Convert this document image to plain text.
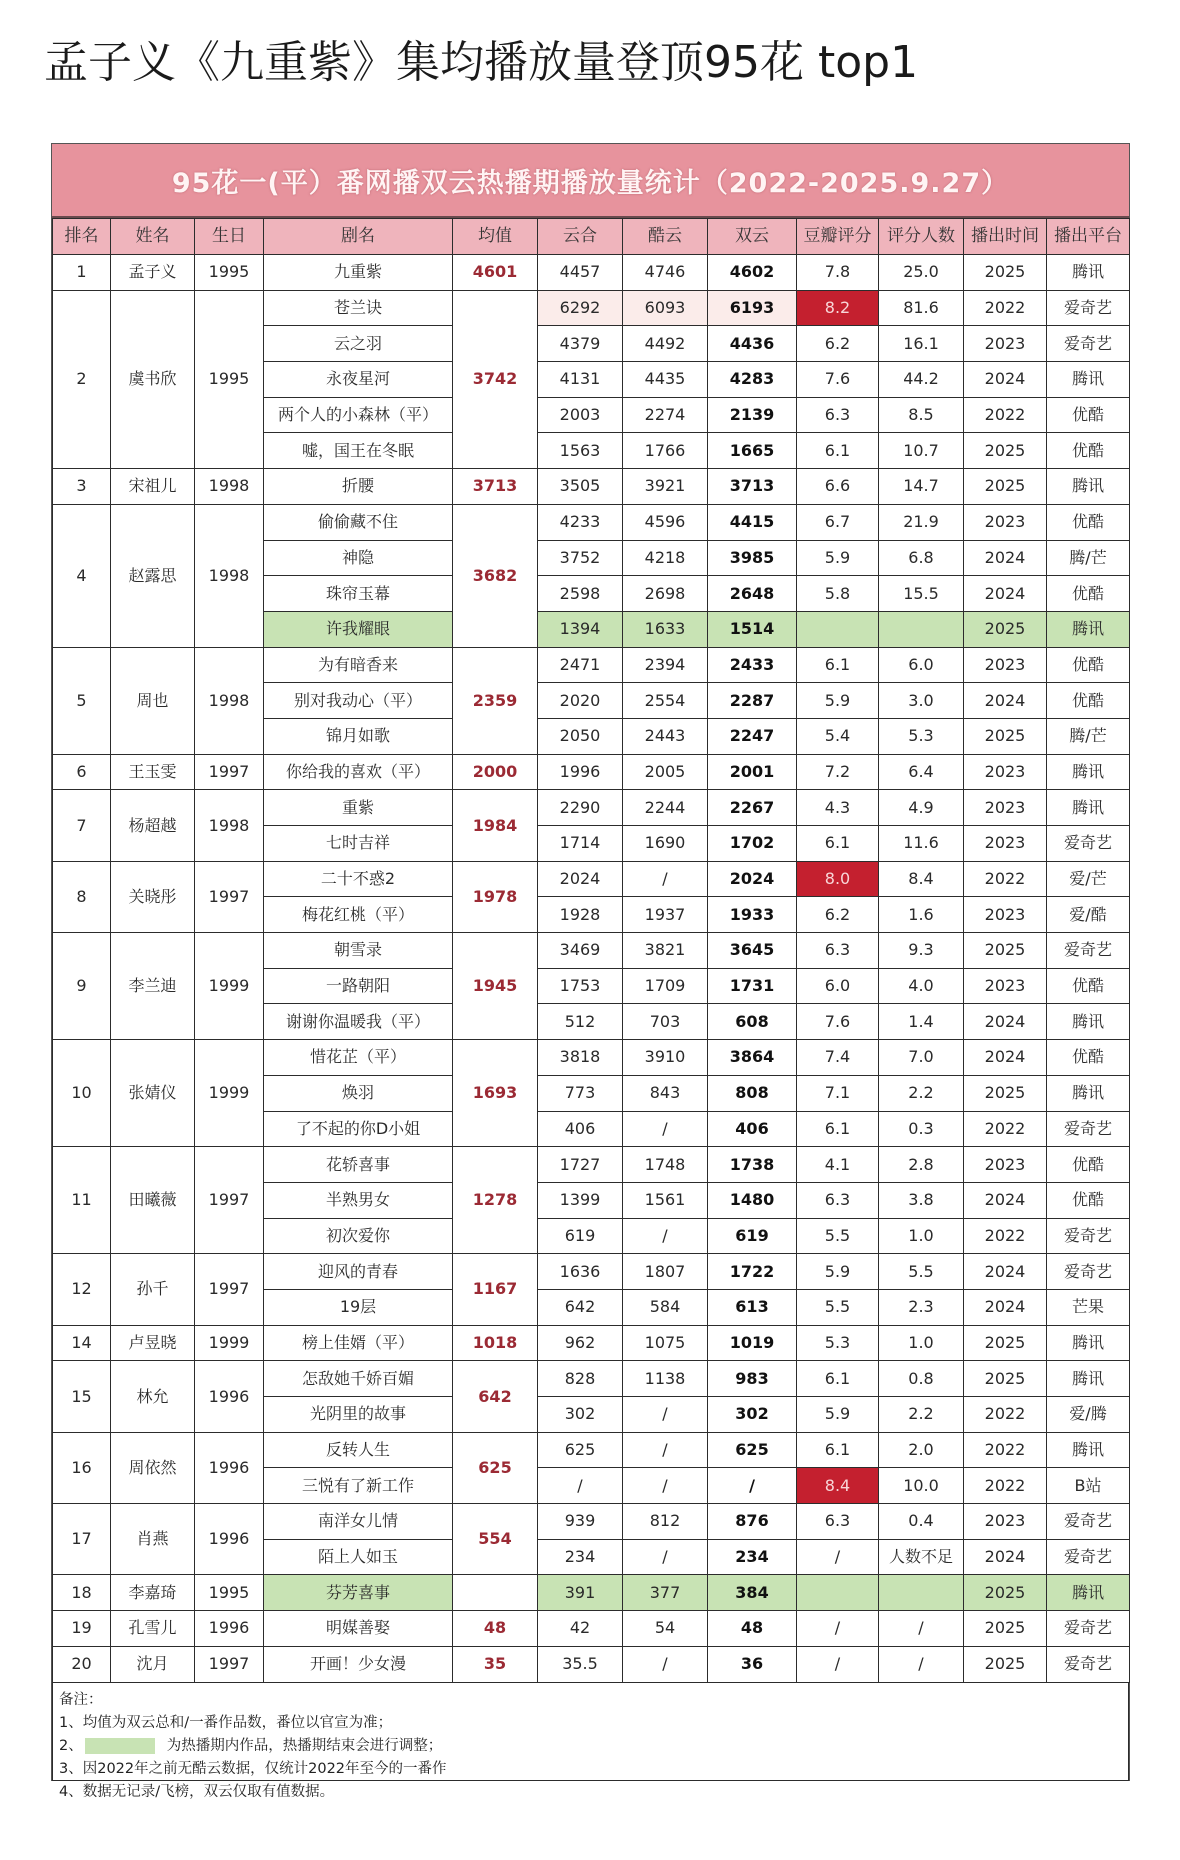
孟子义《九重紫》集均播放量登顶95花 top1
95花一(平）番网播双云热播期播放量统计（2022-2025.9.27）
排名	姓名	生日	剧名	均值	云合	酷云	双云	豆瓣评分	评分人数	播出时间	播出平台
1	孟子义	1995	九重紫	4601	4457	4746	4602	7.8	25.0	2025	腾讯
2	虞书欣	1995	苍兰诀	3742	6292	6093	6193	8.2	81.6	2022	爱奇艺
			云之羽		4379	4492	4436	6.2	16.1	2023	爱奇艺
			永夜星河		4131	4435	4283	7.6	44.2	2024	腾讯
			两个人的小森林（平）		2003	2274	2139	6.3	8.5	2022	优酷
			嘘，国王在冬眠		1563	1766	1665	6.1	10.7	2025	优酷
3	宋祖儿	1998	折腰	3713	3505	3921	3713	6.6	14.7	2025	腾讯
4	赵露思	1998	偷偷藏不住	3682	4233	4596	4415	6.7	21.9	2023	优酷
			神隐		3752	4218	3985	5.9	6.8	2024	腾/芒
			珠帘玉幕		2598	2698	2648	5.8	15.5	2024	优酷
			许我耀眼		1394	1633	1514			2025	腾讯
5	周也	1998	为有暗香来	2359	2471	2394	2433	6.1	6.0	2023	优酷
			别对我动心（平）		2020	2554	2287	5.9	3.0	2024	优酷
			锦月如歌		2050	2443	2247	5.4	5.3	2025	腾/芒
6	王玉雯	1997	你给我的喜欢（平）	2000	1996	2005	2001	7.2	6.4	2023	腾讯
7	杨超越	1998	重紫	1984	2290	2244	2267	4.3	4.9	2023	腾讯
			七时吉祥		1714	1690	1702	6.1	11.6	2023	爱奇艺
8	关晓彤	1997	二十不惑2	1978	2024	/	2024	8.0	8.4	2022	爱/芒
			梅花红桃（平）		1928	1937	1933	6.2	1.6	2023	爱/酷
9	李兰迪	1999	朝雪录	1945	3469	3821	3645	6.3	9.3	2025	爱奇艺
			一路朝阳		1753	1709	1731	6.0	4.0	2023	优酷
			谢谢你温暖我（平）		512	703	608	7.6	1.4	2024	腾讯
10	张婧仪	1999	惜花芷（平）	1693	3818	3910	3864	7.4	7.0	2024	优酷
			焕羽		773	843	808	7.1	2.2	2025	腾讯
			了不起的你D小姐		406	/	406	6.1	0.3	2022	爱奇艺
11	田曦薇	1997	花轿喜事	1278	1727	1748	1738	4.1	2.8	2023	优酷
			半熟男女		1399	1561	1480	6.3	3.8	2024	优酷
			初次爱你		619	/	619	5.5	1.0	2022	爱奇艺
12	孙千	1997	迎风的青春	1167	1636	1807	1722	5.9	5.5	2024	爱奇艺
			19层		642	584	613	5.5	2.3	2024	芒果
14	卢昱晓	1999	榜上佳婿（平）	1018	962	1075	1019	5.3	1.0	2025	腾讯
15	林允	1996	怎敌她千娇百媚	642	828	1138	983	6.1	0.8	2025	腾讯
			光阴里的故事		302	/	302	5.9	2.2	2022	爱/腾
16	周依然	1996	反转人生	625	625	/	625	6.1	2.0	2022	腾讯
			三悦有了新工作		/	/	/	8.4	10.0	2022	B站
17	肖燕	1996	南洋女儿情	554	939	812	876	6.3	0.4	2023	爱奇艺
			陌上人如玉		234	/	234	/	人数不足	2024	爱奇艺
18	李嘉琦	1995	芬芳喜事		391	377	384			2025	腾讯
19	孔雪儿	1996	明媒善娶	48	42	54	48	/	/	2025	爱奇艺
20	沈月	1997	开画！少女漫	35	35.5	/	36	/	/	2025	爱奇艺
备注：
1、均值为双云总和/一番作品数，番位以官宣为准；
2、	为热播期内作品，热播期结束会进行调整；
3、因2022年之前无酷云数据，仅统计2022年至今的一番作
4、数据无记录/飞榜，双云仅取有值数据。
